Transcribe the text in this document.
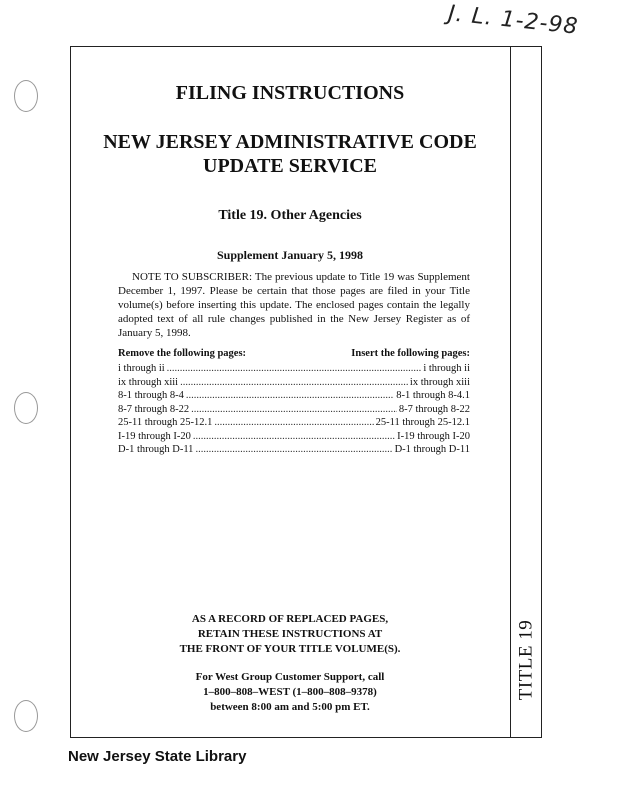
J. L. 1-2-98
TITLE 19
FILING INSTRUCTIONS
NEW JERSEY ADMINISTRATIVE CODE
UPDATE SERVICE
Title 19. Other Agencies
Supplement January 5, 1998
NOTE TO SUBSCRIBER: The previous update to Title 19 was Supplement December 1, 1997. Please be certain that those pages are filed in your Title volume(s) before inserting this update. The enclosed pages contain the legally adopted text of all rule changes published in the New Jersey Register as of January 5, 1998.
Remove the following pages:	Insert the following pages:
i through ii .....	i through ii
ix through xiii .....	ix through xiii
8-1 through 8-4 .....	8-1 through 8-4.1
8-7 through 8-22 .....	8-7 through 8-22
25-11 through 25-12.1 .....	25-11 through 25-12.1
I-19 through I-20 .....	I-19 through I-20
D-1 through D-11 .....	D-1 through D-11
AS A RECORD OF REPLACED PAGES,
RETAIN THESE INSTRUCTIONS AT
THE FRONT OF YOUR TITLE VOLUME(S).
For West Group Customer Support, call
1–800–808–WEST (1–800–808–9378)
between 8:00 am and 5:00 pm ET.
New Jersey State Library
